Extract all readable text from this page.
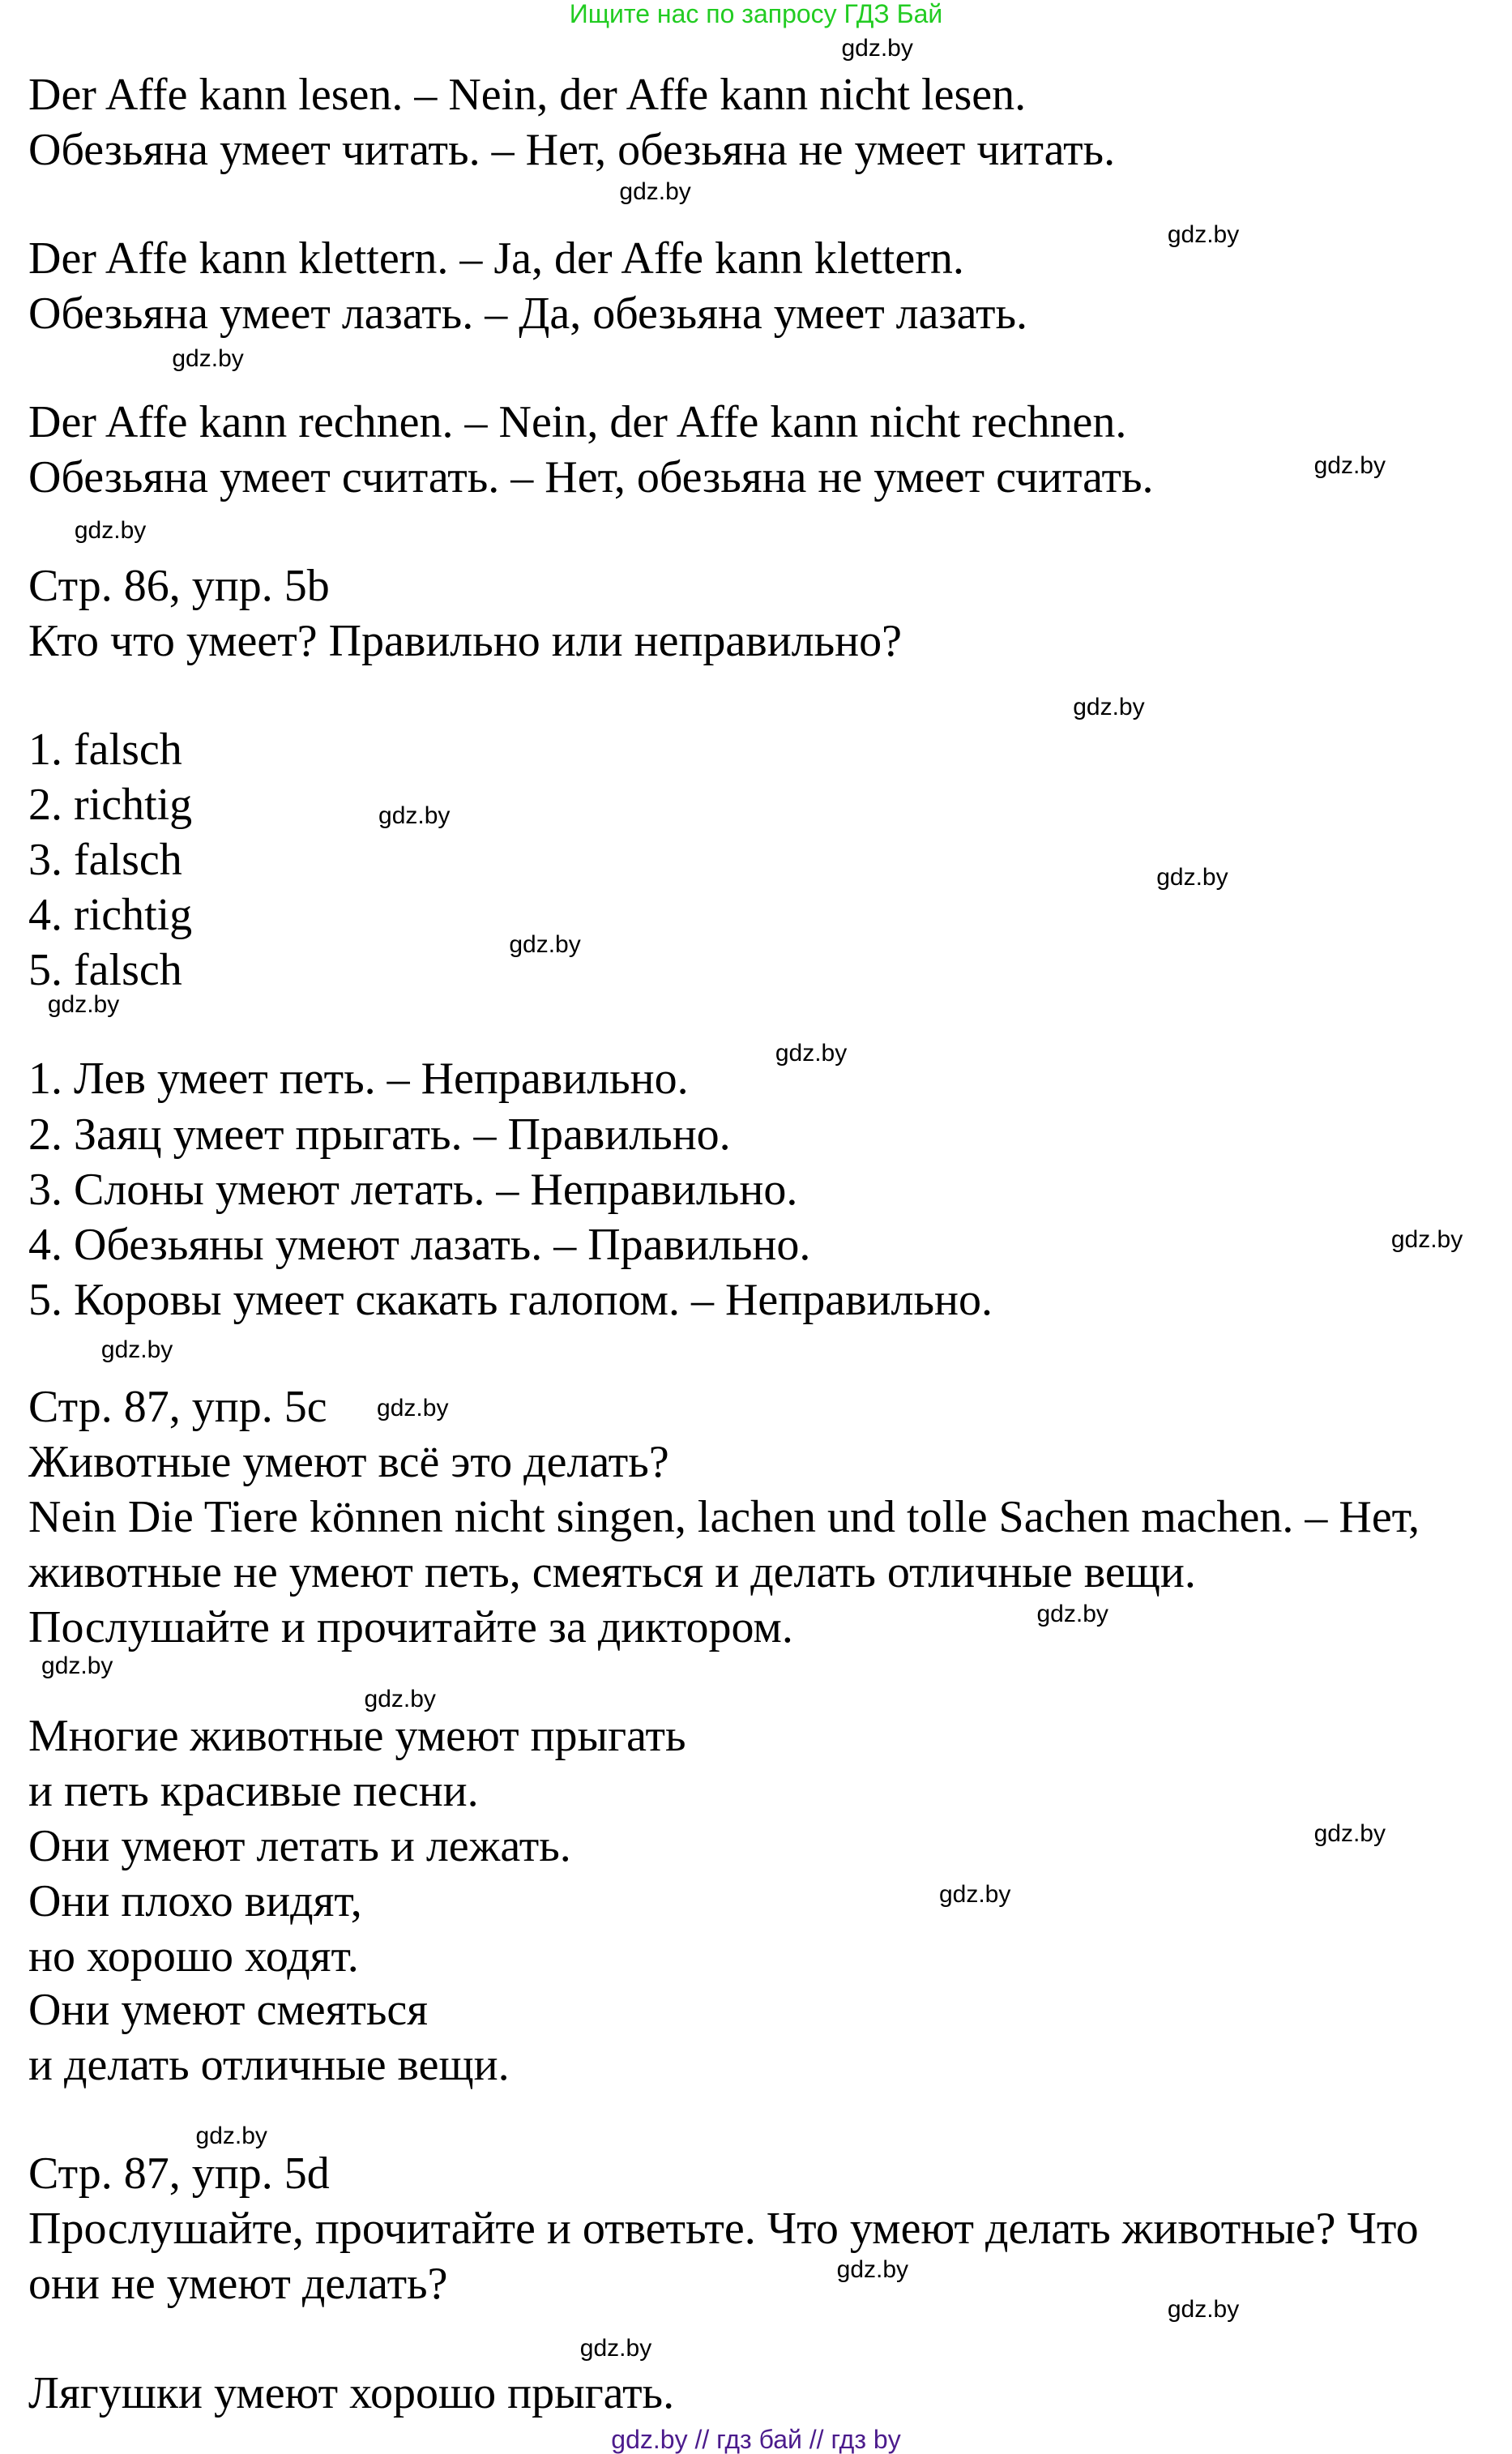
Ищите нас по запросу ГДЗ Бай
gdz.by // гдз бай // гдз by
Der Affe kann lesen. – Nein, der Affe kann nicht lesen.
Обезьяна умеет читать. – Нет, обезьяна не умеет читать.
Der Affe kann klettern. – Ja, der Affe kann klettern.
Обезьяна умеет лазать. – Да, обезьяна умеет лазать.
Der Affe kann rechnen. – Nein, der Affe kann nicht rechnen.
Обезьяна умеет считать. – Нет, обезьяна не умеет считать.
Стр. 86, упр. 5b
Кто что умеет? Правильно или неправильно?
1. falsch
2. richtig
3. falsch
4. richtig
5. falsch
1. Лев умеет петь. – Неправильно.
2. Заяц умеет прыгать. – Правильно.
3. Слоны умеют летать. – Неправильно.
4. Обезьяны умеют лазать. – Правильно.
5. Коровы умеет скакать галопом. – Неправильно.
Стр. 87, упр. 5c
Животные умеют всё это делать?
Nein Die Tiere können nicht singen, lachen und tolle Sachen machen. – Нет,
животные не умеют петь, смеяться и делать отличные вещи.
Послушайте и прочитайте за диктором.
Многие животные умеют прыгать
и петь красивые песни.
Они умеют летать и лежать.
Они плохо видят,
но хорошо ходят.
Они умеют смеяться
и делать отличные вещи.
Стр. 87, упр. 5d
Прослушайте, прочитайте и ответьте. Что умеют делать животные? Что
они не умеют делать?
Лягушки умеют хорошо прыгать.
gdz.by
gdz.by
gdz.by
gdz.by
gdz.by
gdz.by
gdz.by
gdz.by
gdz.by
gdz.by
gdz.by
gdz.by
gdz.by
gdz.by
gdz.by
gdz.by
gdz.by
gdz.by
gdz.by
gdz.by
gdz.by
gdz.by
gdz.by
gdz.by
